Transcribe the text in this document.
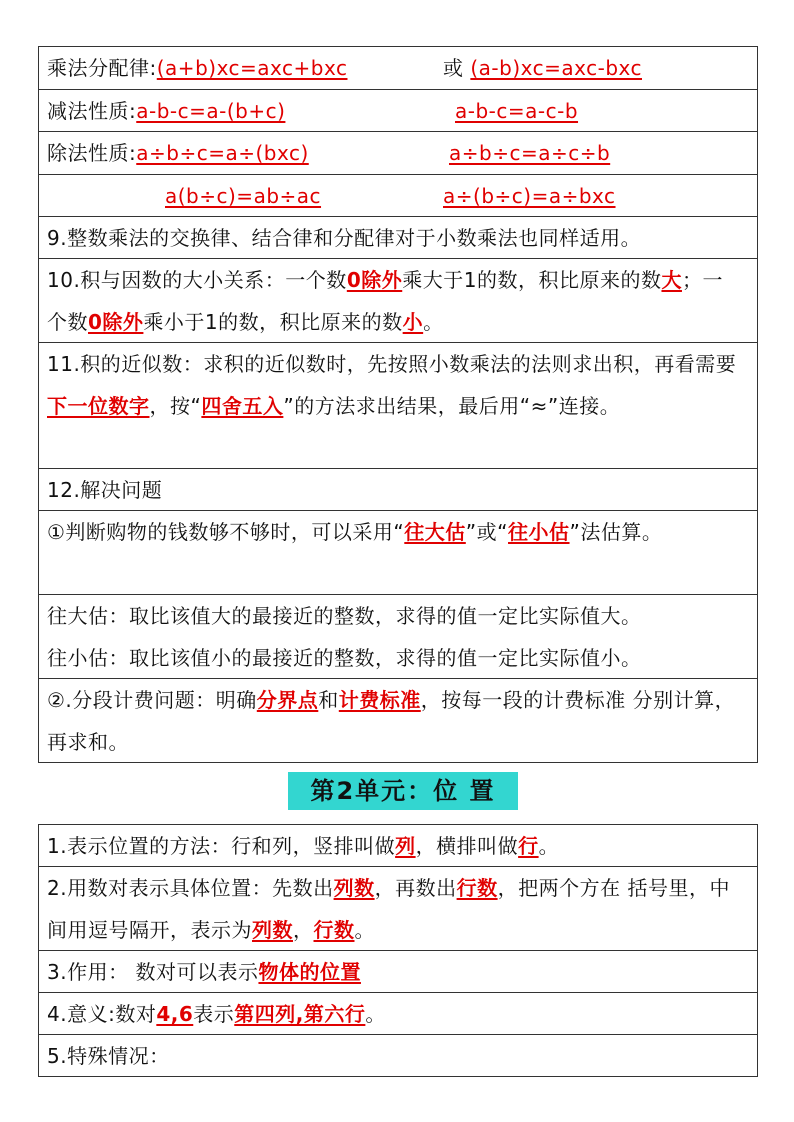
乘法分配律:(a+b)xc=axc+bxc	或 (a-b)xc=axc-bxc
减法性质:a-b-c=a-(b+c)	a-b-c=a-c-b
除法性质:a÷b÷c=a÷(bxc)	a÷b÷c=a÷c÷b
a(b÷c)=ab÷ac	a÷(b÷c)=a÷bxc
9.整数乘法的交换律、结合律和分配律对于小数乘法也同样适用。
10.积与因数的大小关系：一个数0除外乘大于1的数，积比原来的数大；一 个数0除外乘小于1的数，积比原来的数小。
11.积的近似数：求积的近似数时，先按照小数乘法的法则求出积，再看需要下一位数字，按“四舍五入”的方法求出结果，最后用“≈”连接。
12.解决问题
①判断购物的钱数够不够时，可以采用“往大估”或“往小估”法估算。
往大估：取比该值大的最接近的整数，求得的值一定比实际值大。
往小估：取比该值小的最接近的整数，求得的值一定比实际值小。
②.分段计费问题：明确分界点和计费标准，按每一段的计费标准 分别计算，再求和。
第2单元：位 置
1.表示位置的方法：行和列，竖排叫做列，横排叫做行。
2.用数对表示具体位置：先数出列数，再数出行数，把两个方在 括号里，中间用逗号隔开，表示为列数，行数。
3.作用： 数对可以表示物体的位置
4.意义:数对4,6表示第四列,第六行。
5.特殊情况：
